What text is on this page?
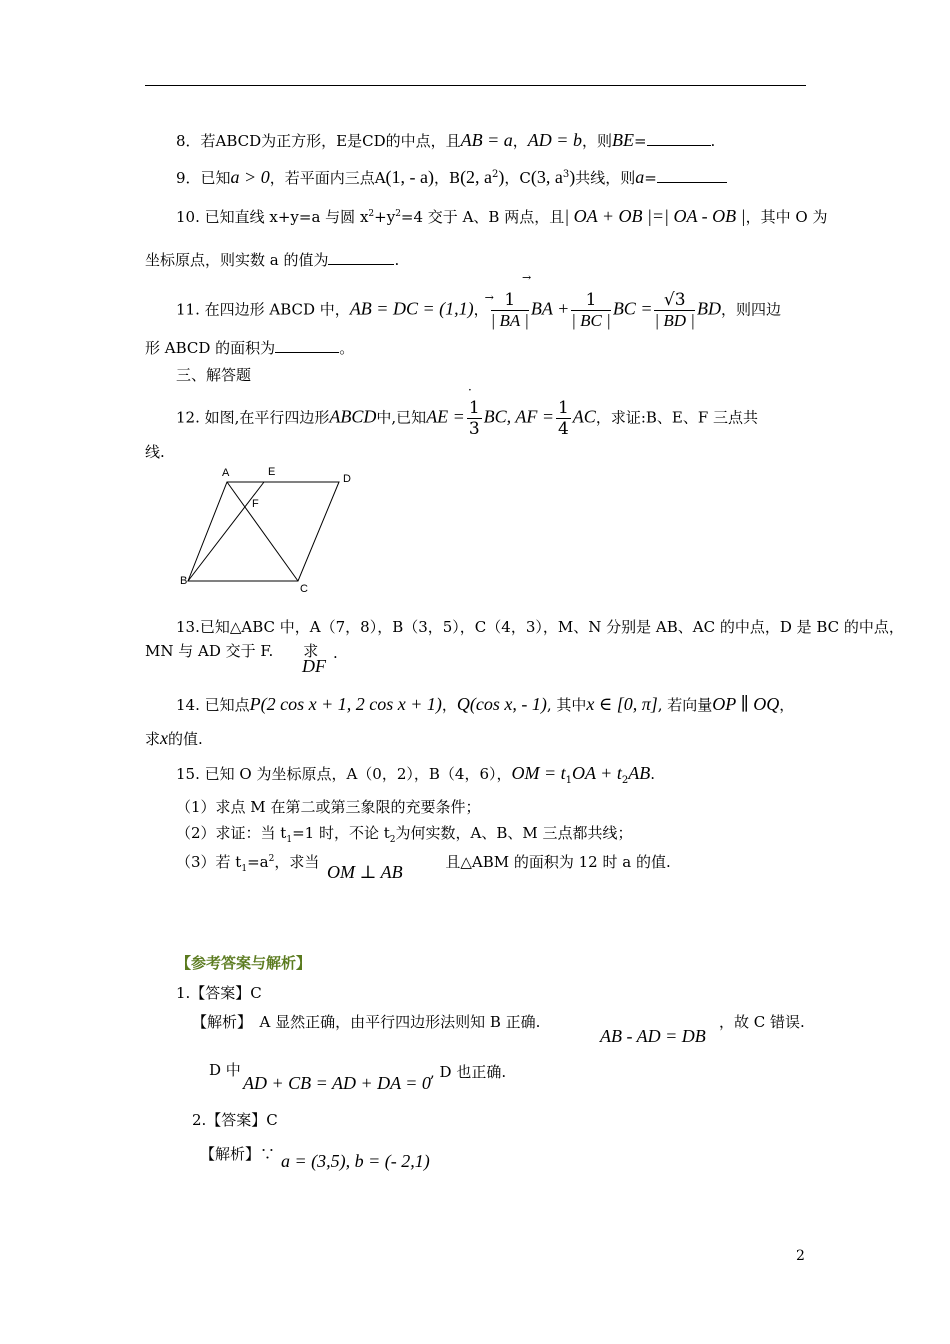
8．若ABCD为正方形，E是CD的中点，且AB = a，AD = b，则BE=	.
9．已知a > 0，若平面内三点A(1, - a)，B(2, $a^2$)，C(3, $a^3$)共线，则a=
10. 已知直线 x+y=a 与圆 $x^2+y^2=4$ 交于 A、B 两点，且| OA + OB |=| OA - OB |，其中 O 为
坐标原点，则实数 a 的值为	.
11. 在四边形 ABCD 中，AB = DC = (1,1)， $\frac{\to 1}{| BA |}$ BA + $\frac{1}{| BC |}$ BC = $\frac{√3}{| BD |}$ BD，则四边
→
形 ABCD 的面积为	。
三、解答题
·
12. 如图,在平行四边形ABCD中,已知AE = $\frac{1}{3}$ BC, AF = $\frac{1}{4}$ AC，求证:B、E、F 三点共
线.
A	E
D
F
B
C
13.已知△ABC 中，A（7，8），B（3，5），C（4，3），M、N 分别是 AB、AC 的中点，D 是 BC 的中点，
MN 与 AD 交于 F.　　求
DF
.
14. 已知点P(2 cos x + 1, 2 cos x + 1)，Q(cos x, - 1), 其中x ∈ [0, π], 若向量OP ∥ OQ，
求x的值.
15. 已知 O 为坐标原点，A（0，2），B（4，6），OM = $t_1OA + t_2AB$.
（1）求点 M 在第二或第三象限的充要条件；
（2）求证：当 $t_1=1$ 时，不论 $t_2$为何实数，A、B、M 三点都共线；
（3）若 $t_1=a^2$，求当	且△ABM 的面积为 12 时 a 的值.
OM ⊥ AB
【参考答案与解析】
1.【答案】C
【解析】　A 显然正确，由平行四边形法则知 B 正确.
AB - AD = DB
，故 C 错误.
D 中
AD + CB = AD + DA = 0
, D 也正确.
2.【答案】C
【解析】∵ a = (3,5), b = (- 2,1)
2
